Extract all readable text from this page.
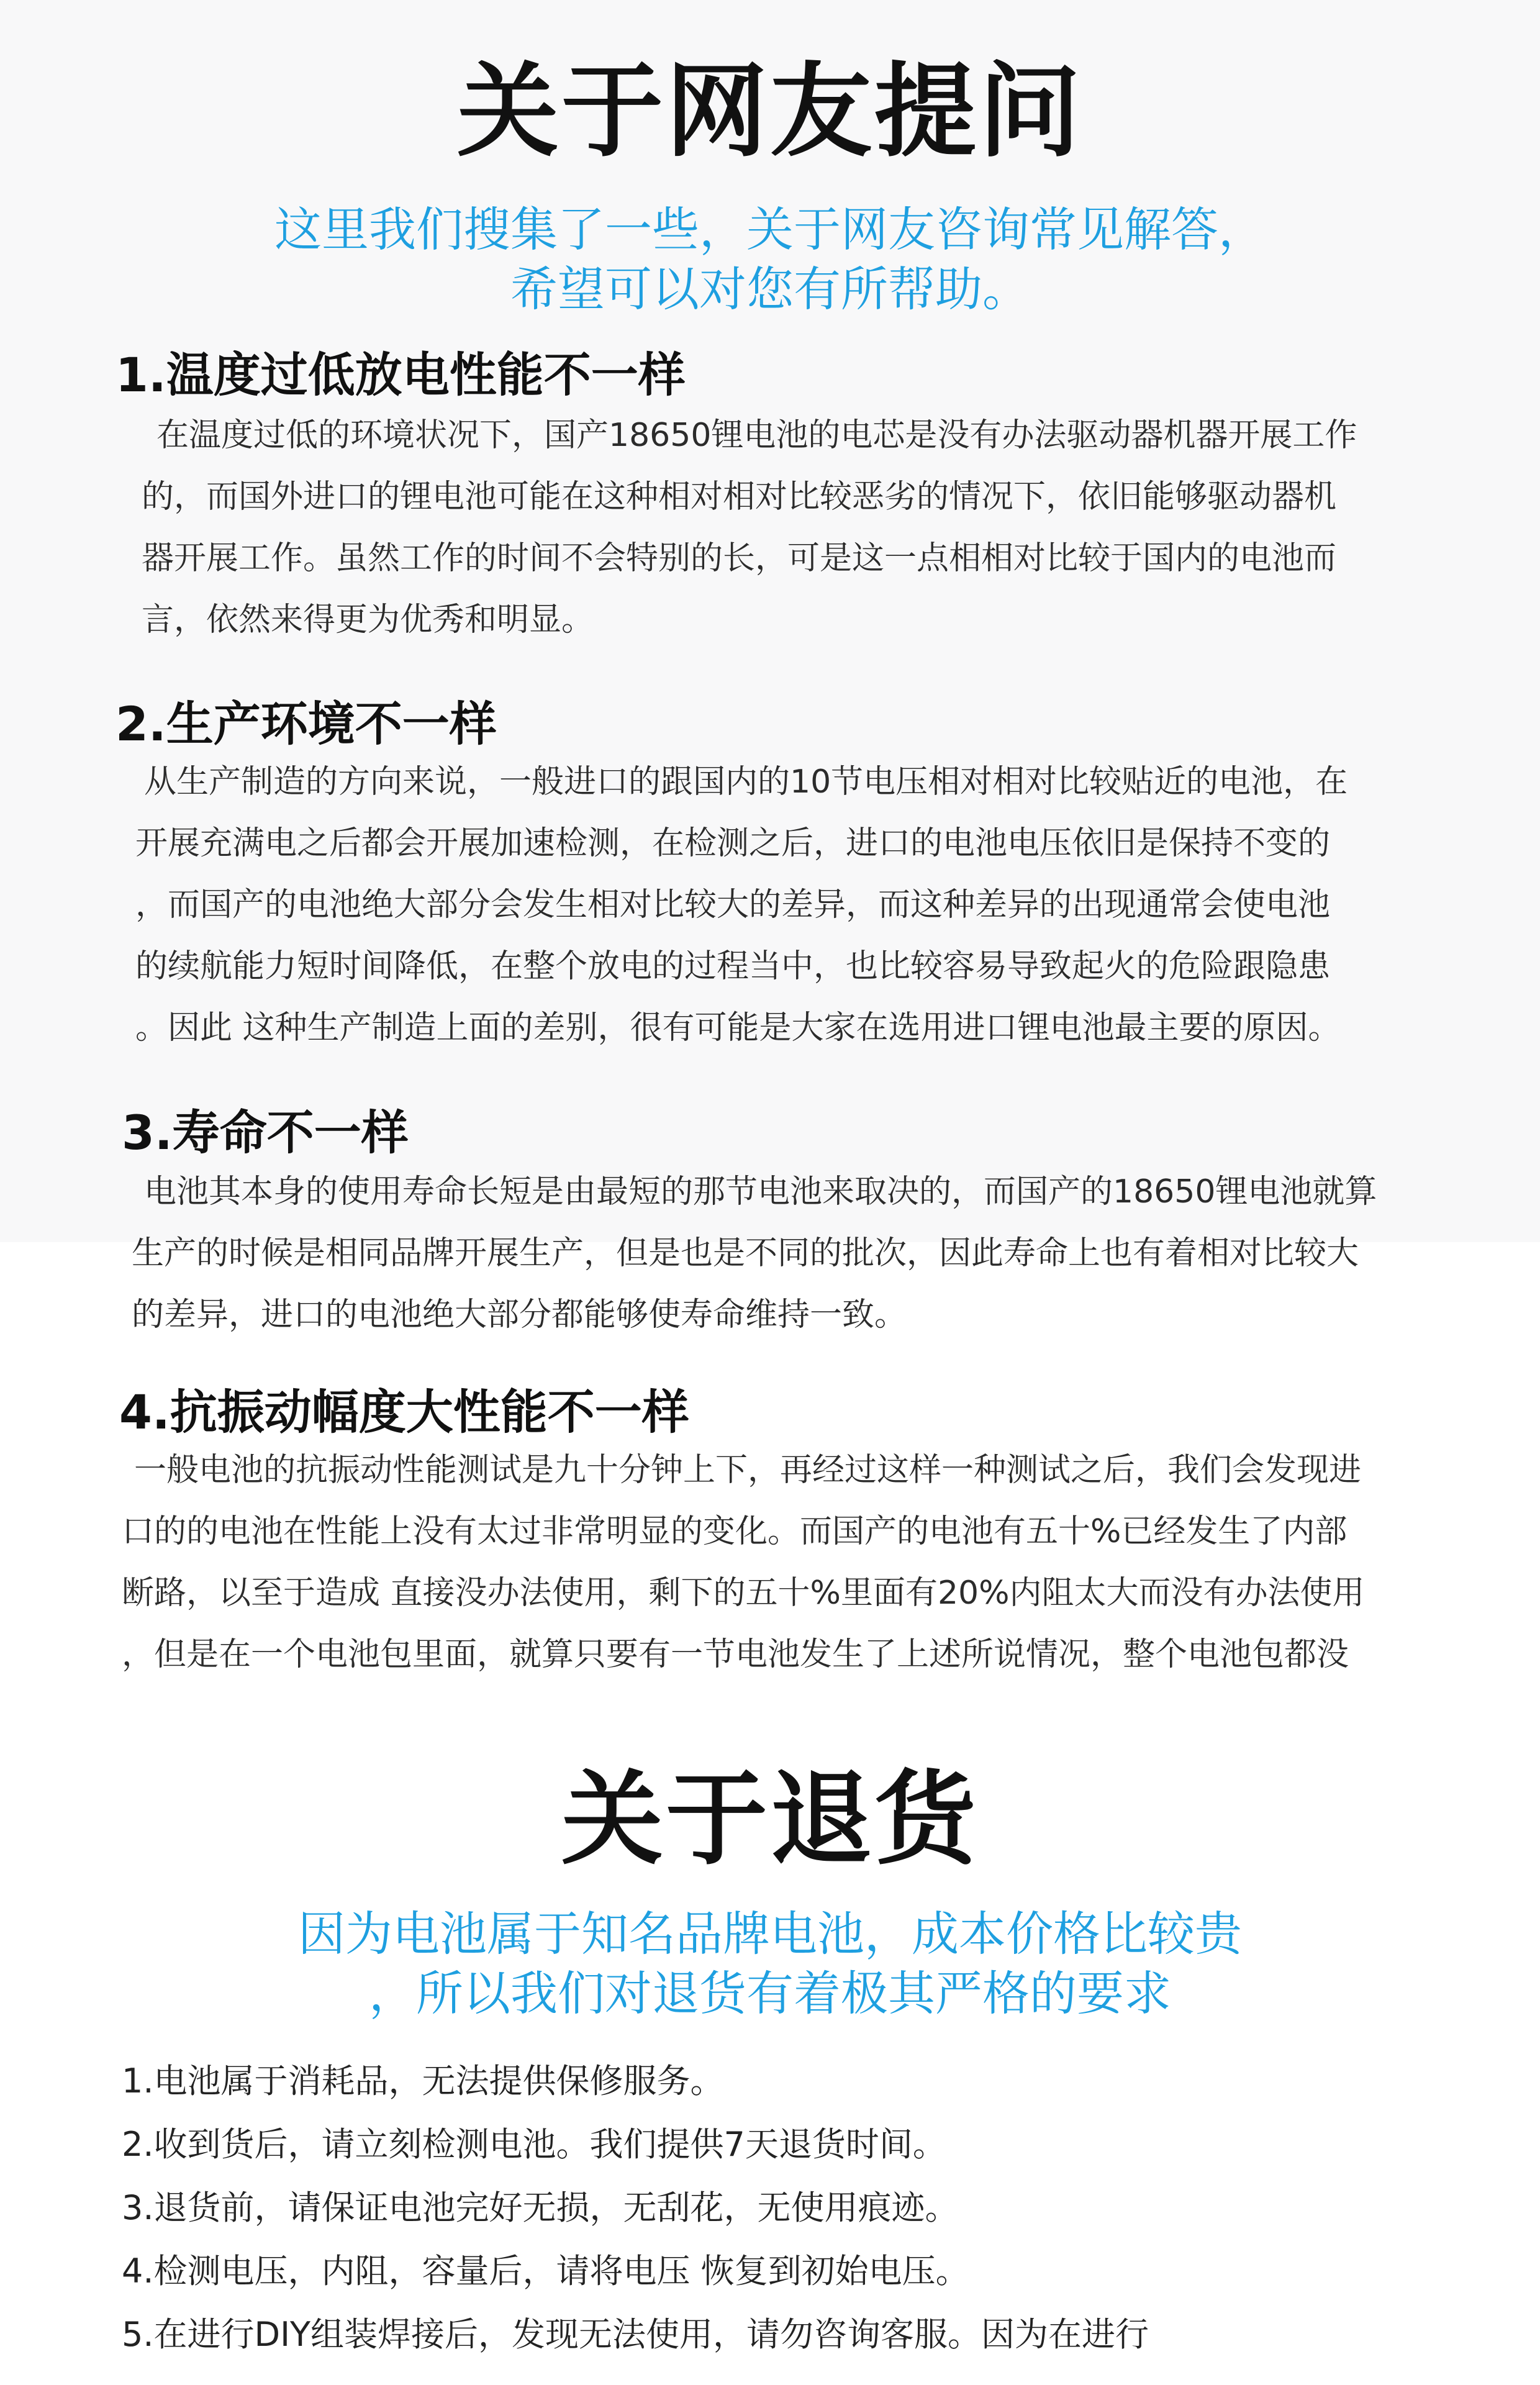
关于网友提问
这里我们搜集了一些，关于网友咨询常见解答，
希望可以对您有所帮助。
1.温度过低放电性能不一样
在温度过低的环境状况下，国产18650锂电池的电芯是没有办法驱动器机器开展工作
的，而国外进口的锂电池可能在这种相对相对比较恶劣的情况下，依旧能够驱动器机
器开展工作。虽然工作的时间不会特别的长，可是这一点相相对比较于国内的电池而
言，依然来得更为优秀和明显。
2.生产环境不一样
从生产制造的方向来说，一般进口的跟国内的10节电压相对相对比较贴近的电池，在
开展充满电之后都会开展加速检测，在检测之后，进口的电池电压依旧是保持不变的
，而国产的电池绝大部分会发生相对比较大的差异，而这种差异的出现通常会使电池
的续航能力短时间降低，在整个放电的过程当中，也比较容易导致起火的危险跟隐患
。因此 这种生产制造上面的差别，很有可能是大家在选用进口锂电池最主要的原因。
3.寿命不一样
电池其本身的使用寿命长短是由最短的那节电池来取决的，而国产的18650锂电池就算
生产的时候是相同品牌开展生产，但是也是不同的批次，因此寿命上也有着相对比较大
的差异，进口的电池绝大部分都能够使寿命维持一致。
4.抗振动幅度大性能不一样
一般电池的抗振动性能测试是九十分钟上下，再经过这样一种测试之后，我们会发现进
口的的电池在性能上没有太过非常明显的变化。而国产的电池有五十%已经发生了内部
断路，以至于造成 直接没办法使用，剩下的五十%里面有20%内阻太大而没有办法使用
，但是在一个电池包里面，就算只要有一节电池发生了上述所说情况，整个电池包都没
关于退货
因为电池属于知名品牌电池，成本价格比较贵
，所以我们对退货有着极其严格的要求
1.电池属于消耗品，无法提供保修服务。
2.收到货后，请立刻检测电池。我们提供7天退货时间。
3.退货前，请保证电池完好无损，无刮花，无使用痕迹。
4.检测电压，内阻，容量后，请将电压 恢复到初始电压。
5.在进行DIY组装焊接后，发现无法使用，请勿咨询客服。因为在进行
